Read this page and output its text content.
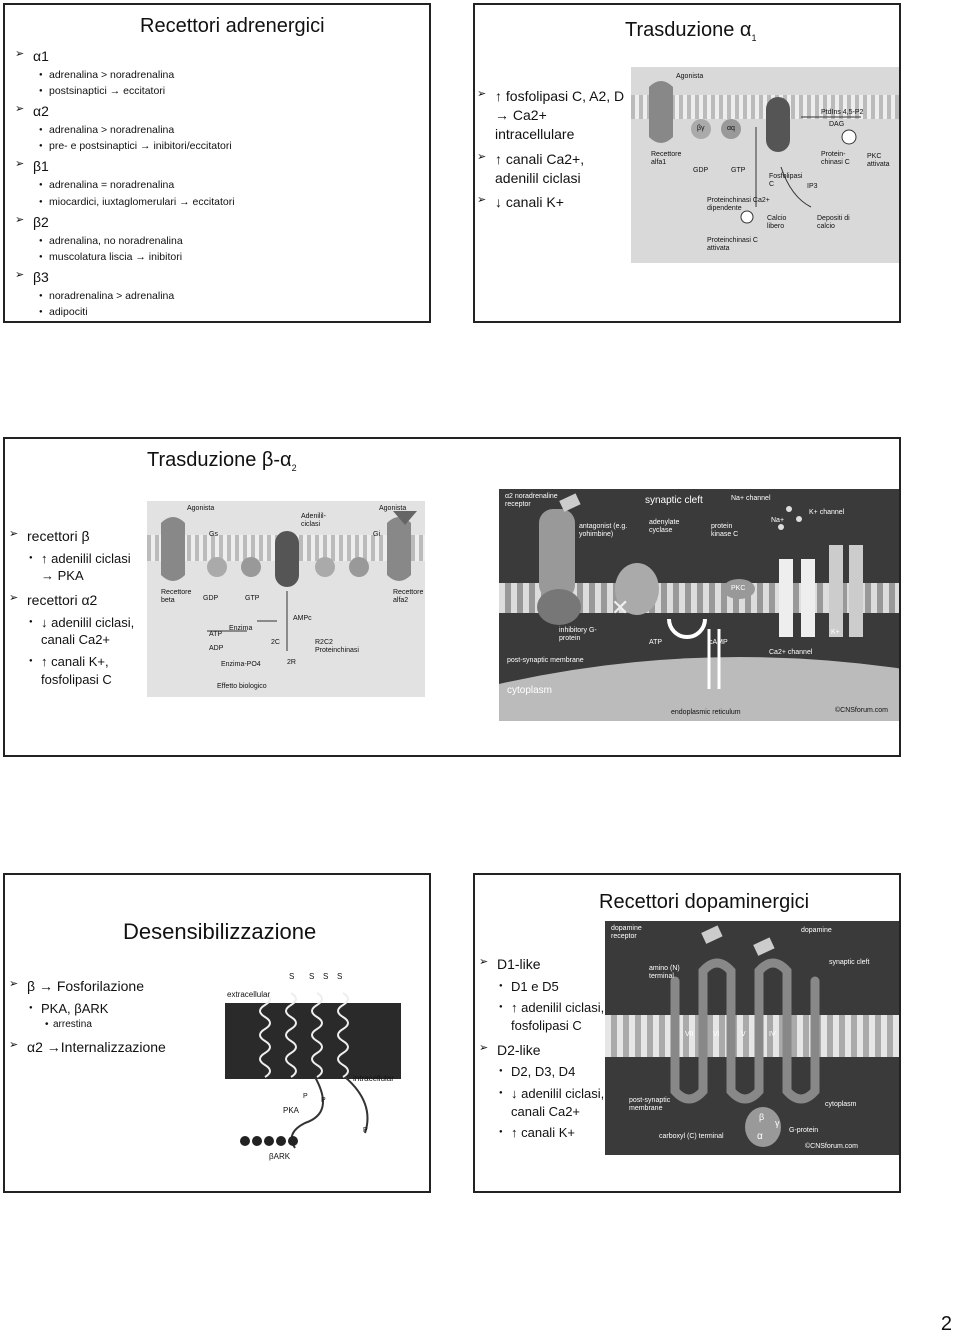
Recettori adrenergici
➢ α1
● adrenalina > noradrenalina
● postsinaptici → eccitatori
➢ α2
● adrenalina > noradrenalina
● pre- e postsinaptici → inibitori/eccitatori
➢ β1
● adrenalina = noradrenalina
● miocardici, iuxtaglomerulari → eccitatori
➢ β2
● adrenalina, no noradrenalina
● muscolatura liscia → inibitori
➢ β3
● noradrenalina > adrenalina
● adipociti
Trasduzione $\alpha_1$
➢ ↑ fosfolipasi C, A2, D → Ca2+ intracellulare
➢ ↑ canali Ca2+, adenilil ciclasi
➢ ↓ canali K+
Agonista
Recettore alfa1
βγ	αq
GDP	GTP
Fosfolipasi C
PtdIns 4,5-P2
DAG
Protein-chinasi C
PKC attivata
IP3
Proteinchinasi Ca2+ dipendente
Calcio libero
Depositi di calcio
Proteinchinasi C attivata
Trasduzione $\beta-\alpha_2$
➢ recettori β
● ↑ adenilil ciclasi → PKA
➢ recettori α2
● ↓ adenilil ciclasi, canali Ca2+
● ↑ canali K+, fosfolipasi C
Agonista
Adenilil-ciclasi
Agonista
Recettore beta
Gs	Gi
GDP	GTP
ATP
AMPc
Enzima
ADP
Enzima-PO4
Effetto biologico
R2C2 Proteinchinasi
2C
2R
Recettore alfa2	✕
α2 noradrenaline receptor	synaptic cleft	Na+ channel
K+ channel
antagonist (e.g. yohimbine)
adenylate cyclase
protein kinase C
Na+
PKC
K+
inhibitory G-protein
ATP	cAMP
Ca2+ channel
post-synaptic membrane
cytoplasm
endoplasmic reticulum	©CNSforum.com
Desensibilizzazione
➢ β → Fosforilazione
● PKA, βARK
• arrestina
➢ α2 →Internalizzazione
extracellular
intracellular
PKA
βARK
S S S S
P
P
P
Recettori dopaminergici
➢ D1-like
● D1 e D5
● ↑ adenilil ciclasi, fosfolipasi C
➢ D2-like
● D2, D3, D4
● ↓ adenilil ciclasi, canali Ca2+
● ↑ canali K+
dopamine receptor
dopamine
amino (N) terminal
synaptic cleft
post-synaptic membrane
cytoplasm
carboxyl (C) terminal
G-protein
©CNSforum.com
β
α
γ
VII	VI	V	IV
2
